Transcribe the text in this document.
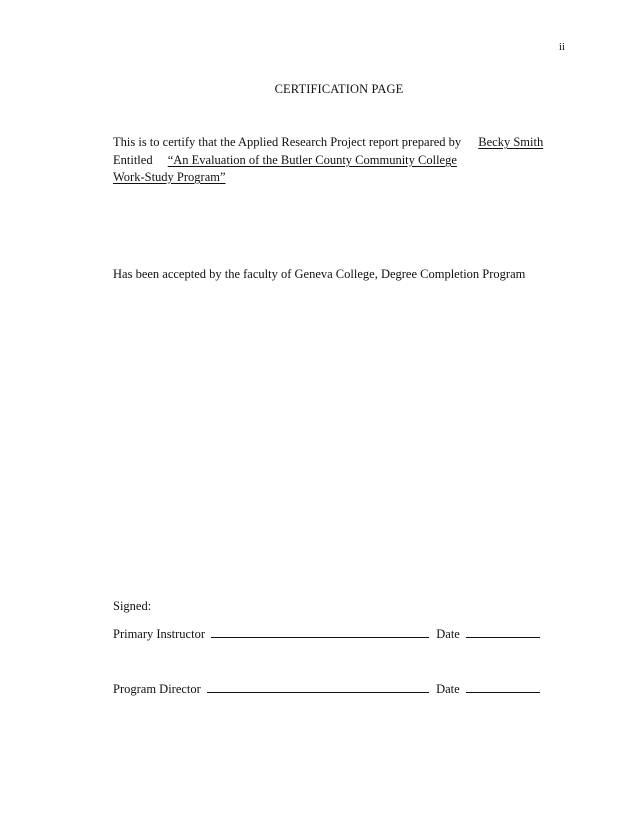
ii
CERTIFICATION PAGE
This is to certify that the Applied Research Project report prepared by Becky Smith
Entitled “An Evaluation of the Butler County Community College
Work-Study Program”
Has been accepted by the faculty of Geneva College, Degree Completion Program
Signed:
Primary Instructor	Date
Program Director	Date
